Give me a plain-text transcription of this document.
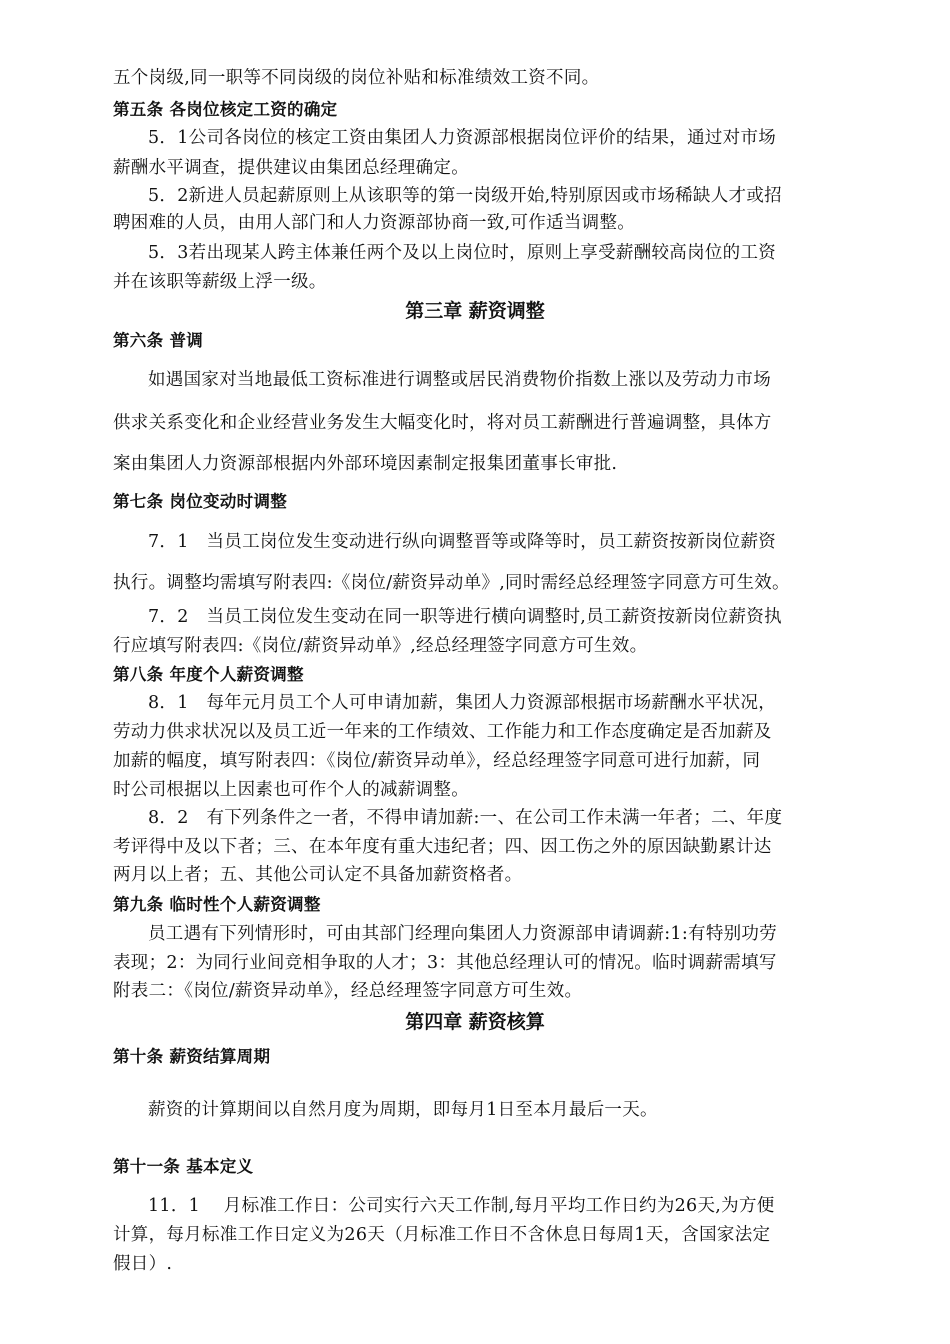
五个岗级,同一职等不同岗级的岗位补贴和标准绩效工资不同。
第五条 各岗位核定工资的确定
5．1公司各岗位的核定工资由集团人力资源部根据岗位评价的结果，通过对市场
薪酬水平调查，提供建议由集团总经理确定。
5．2新进人员起薪原则上从该职等的第一岗级开始,特别原因或市场稀缺人才或招
聘困难的人员，由用人部门和人力资源部协商一致,可作适当调整。
5．3若出现某人跨主体兼任两个及以上岗位时，原则上享受薪酬较高岗位的工资
并在该职等薪级上浮一级。
第三章 薪资调整
第六条 普调
如遇国家对当地最低工资标准进行调整或居民消费物价指数上涨以及劳动力市场
供求关系变化和企业经营业务发生大幅变化时，将对员工薪酬进行普遍调整，具体方
案由集团人力资源部根据内外部环境因素制定报集团董事长审批.
第七条 岗位变动时调整
7．1　当员工岗位发生变动进行纵向调整晋等或降等时，员工薪资按新岗位薪资
执行。调整均需填写附表四:《岗位/薪资异动单》,同时需经总经理签字同意方可生效。
7．2　当员工岗位发生变动在同一职等进行横向调整时,员工薪资按新岗位薪资执
行应填写附表四:《岗位/薪资异动单》,经总经理签字同意方可生效。
第八条 年度个人薪资调整
8．1　每年元月员工个人可申请加薪，集团人力资源部根据市场薪酬水平状况，
劳动力供求状况以及员工近一年来的工作绩效、工作能力和工作态度确定是否加薪及
加薪的幅度，填写附表四：《岗位/薪资异动单》，经总经理签字同意可进行加薪，同
时公司根据以上因素也可作个人的减薪调整。
8．2　有下列条件之一者，不得申请加薪:一、在公司工作未满一年者；二、年度
考评得中及以下者；三、在本年度有重大违纪者；四、因工伤之外的原因缺勤累计达
两月以上者；五、其他公司认定不具备加薪资格者。
第九条 临时性个人薪资调整
员工遇有下列情形时，可由其部门经理向集团人力资源部申请调薪:1:有特别功劳
表现；2：为同行业间竞相争取的人才；3：其他总经理认可的情况。临时调薪需填写
附表二：《岗位/薪资异动单》，经总经理签字同意方可生效。
第四章 薪资核算
第十条 薪资结算周期
薪资的计算期间以自然月度为周期，即每月1日至本月最后一天。
第十一条 基本定义
11．1　 月标准工作日：公司实行六天工作制,每月平均工作日约为26天,为方便
计算，每月标准工作日定义为26天（月标准工作日不含休息日每周1天，含国家法定
假日）.
